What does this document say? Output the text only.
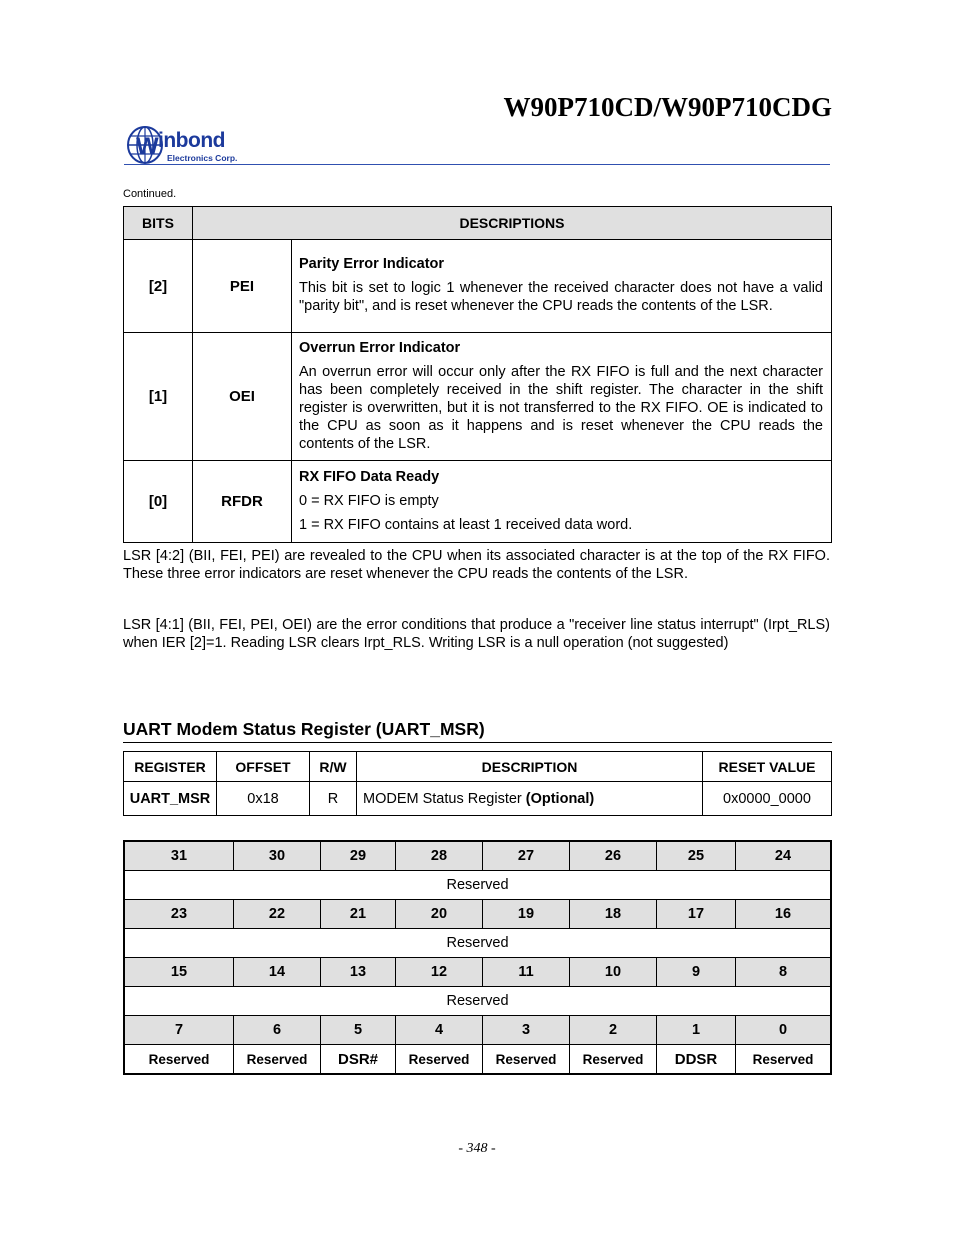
W90P710CD/W90P710CDG
W inbond
Electronics Corp.
Continued.
BITS	DESCRIPTIONS	
[2]	PEI	Parity Error Indicator
This bit is set to logic 1 whenever the received character does not have a valid "parity bit", and is reset whenever the CPU reads the contents of the LSR.

[1]	OEI	Overrun Error Indicator
An overrun error will occur only after the RX FIFO is full and the next character has been completely received in the shift register. The character in the shift register is overwritten, but it is not transferred to the RX FIFO. OE is indicated to the CPU as soon as it happens and is reset whenever the CPU reads the contents of the LSR.

[0]	RFDR	RX FIFO Data Ready
0 = RX FIFO is empty
1 = RX FIFO contains at least 1 received data word.
LSR [4:2] (BII, FEI, PEI) are revealed to the CPU when its associated character is at the top of the RX FIFO. These three error indicators are reset whenever the CPU reads the contents of the LSR.
LSR [4:1] (BII, FEI, PEI, OEI) are the error conditions that produce a "receiver line status interrupt" (Irpt_RLS) when IER [2]=1. Reading LSR clears Irpt_RLS. Writing LSR is a null operation (not suggested)
UART Modem Status Register (UART_MSR)
REGISTER	OFFSET	R/W	DESCRIPTION	RESET VALUE
UART_MSR	0x18	R	MODEM Status Register (Optional)	0x0000_0000
31	30	29	28	27	26	25	24
Reserved							
23	22	21	20	19	18	17	16
Reserved							
15	14	13	12	11	10	9	8
Reserved							
7	6	5	4	3	2	1	0
Reserved	Reserved	DSR#	Reserved	Reserved	Reserved	DDSR	Reserved
- 348 -
